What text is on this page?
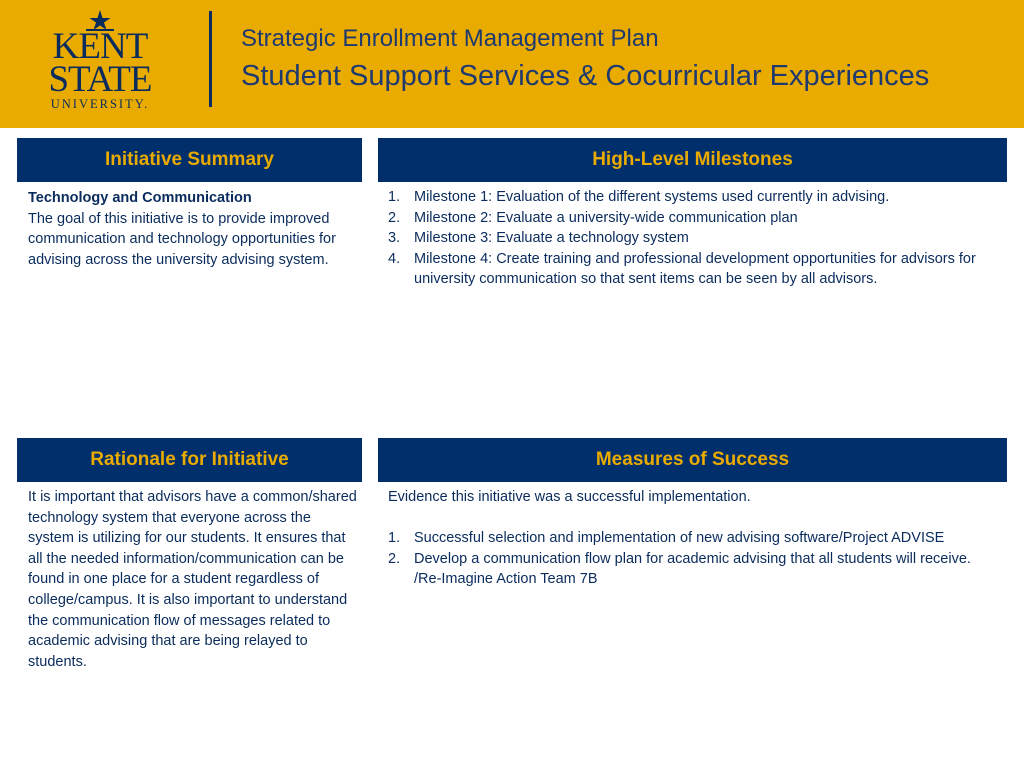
KENT
STATE
UNIVERSITY.
Strategic Enrollment Management Plan
Student Support Services & Cocurricular Experiences
Initiative Summary
Technology and Communication
The goal of this initiative is to provide improved communication and technology opportunities for advising across the university advising system.
High-Level Milestones
1. Milestone 1: Evaluation of the different systems used currently in advising.
2. Milestone 2: Evaluate a university-wide communication plan
3. Milestone 3: Evaluate a technology system
4. Milestone 4: Create training and professional development opportunities for advisors for university communication so that sent items can be seen by all advisors.
Rationale for Initiative
It is important that advisors have a common/shared technology system that everyone across the system is utilizing for our students. It ensures that all the needed information/communication can be found in one place for a student regardless of college/campus. It is also important to understand the communication flow of messages related to academic advising that are being relayed to students.
Measures of Success
Evidence this initiative was a successful implementation.
1. Successful selection and implementation of new advising software/Project ADVISE
2. Develop a communication flow plan for academic advising that all students will receive. /Re-Imagine Action Team 7B
